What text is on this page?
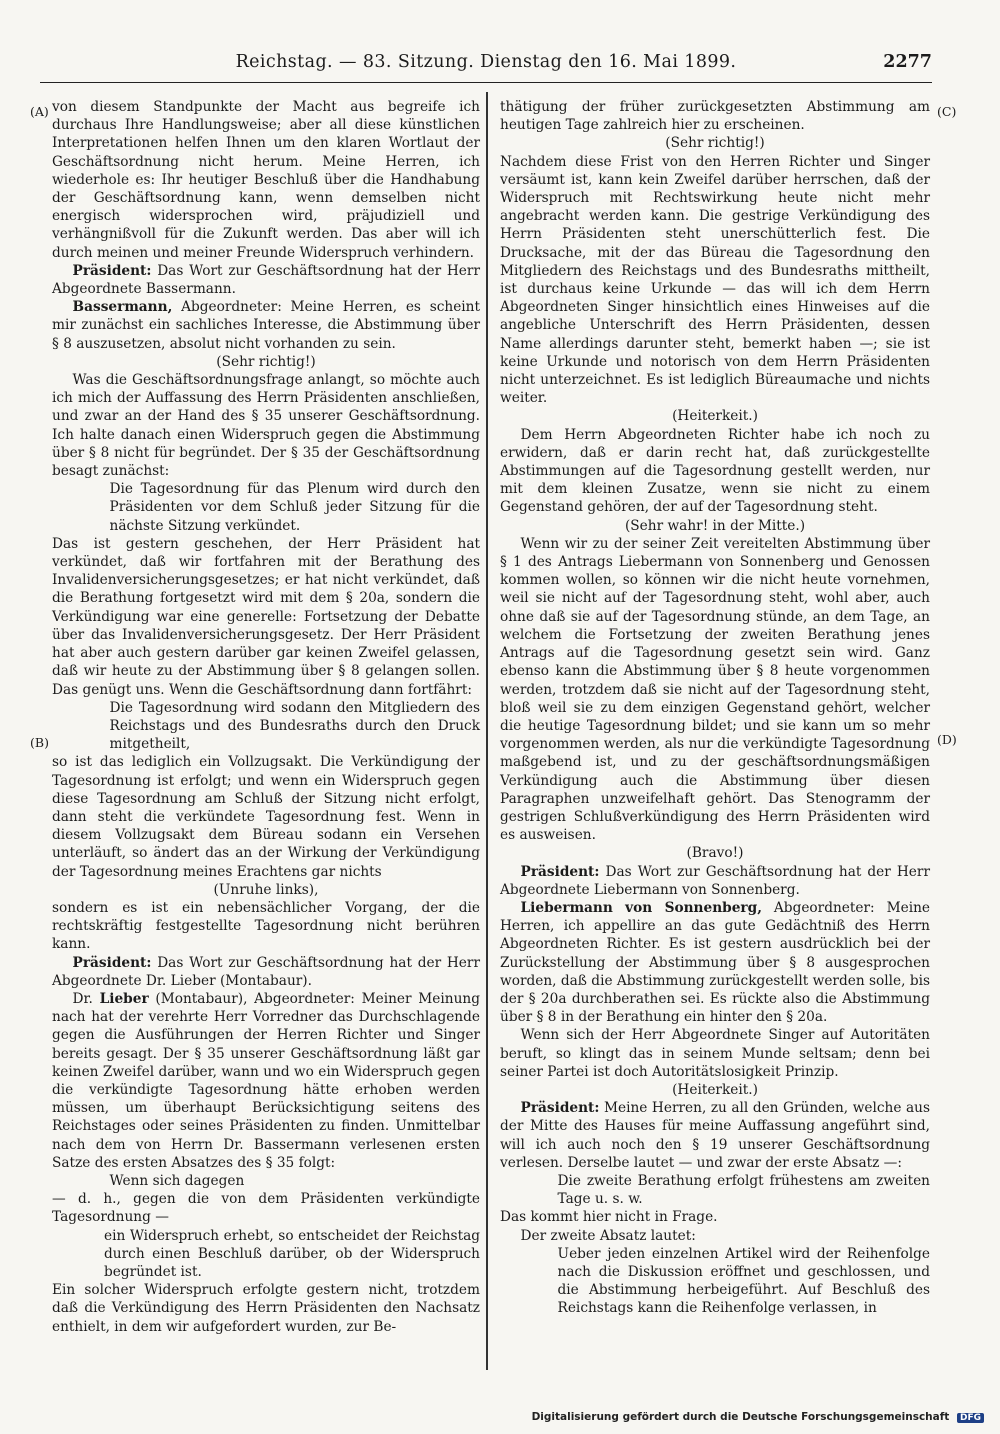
Reichstag. — 83. Sitzung. Dienstag den 16. Mai 1899.	2277
(A)
(B)
(C)
(D)

von diesem Standpunkte der Macht aus begreife ich durchaus Ihre Handlungsweise; aber all diese künstlichen Interpretationen helfen Ihnen um den klaren Wortlaut der Geschäftsordnung nicht herum. Meine Herren, ich wiederhole es: Ihr heutiger Beschluß über die Handhabung der Geschäftsordnung kann, wenn demselben nicht energisch widersprochen wird, präjudiziell und verhängnißvoll für die Zukunft werden. Das aber will ich durch meinen und meiner Freunde Widerspruch verhindern.

Präsident: Das Wort zur Geschäftsordnung hat der Herr Abgeordnete Bassermann.

Bassermann, Abgeordneter: Meine Herren, es scheint mir zunächst ein sachliches Interesse, die Abstimmung über § 8 auszusetzen, absolut nicht vorhanden zu sein.

(Sehr richtig!)

Was die Geschäftsordnungsfrage anlangt, so möchte auch ich mich der Auffassung des Herrn Präsidenten anschließen, und zwar an der Hand des § 35 unserer Geschäftsordnung. Ich halte danach einen Widerspruch gegen die Abstimmung über § 8 nicht für begründet. Der § 35 der Geschäftsordnung besagt zunächst:

Die Tagesordnung für das Plenum wird durch den Präsidenten vor dem Schluß jeder Sitzung für die nächste Sitzung verkündet.

Das ist gestern geschehen, der Herr Präsident hat verkündet, daß wir fortfahren mit der Berathung des Invalidenversicherungsgesetzes; er hat nicht verkündet, daß die Berathung fortgesetzt wird mit dem § 20a, sondern die Verkündigung war eine generelle: Fortsetzung der Debatte über das Invalidenversicherungsgesetz. Der Herr Präsident hat aber auch gestern darüber gar keinen Zweifel gelassen, daß wir heute zu der Abstimmung über § 8 gelangen sollen. Das genügt uns. Wenn die Geschäftsordnung dann fortfährt:

Die Tagesordnung wird sodann den Mitgliedern des Reichstags und des Bundesraths durch den Druck mitgetheilt,

so ist das lediglich ein Vollzugsakt. Die Verkündigung der Tagesordnung ist erfolgt; und wenn ein Widerspruch gegen diese Tagesordnung am Schluß der Sitzung nicht erfolgt, dann steht die verkündete Tagesordnung fest. Wenn in diesem Vollzugsakt dem Büreau sodann ein Versehen unterläuft, so ändert das an der Wirkung der Verkündigung der Tagesordnung meines Erachtens gar nichts

(Unruhe links),

sondern es ist ein nebensächlicher Vorgang, der die rechtskräftig festgestellte Tagesordnung nicht berühren kann.

Präsident: Das Wort zur Geschäftsordnung hat der Herr Abgeordnete Dr. Lieber (Montabaur).

Dr. Lieber (Montabaur), Abgeordneter: Meiner Meinung nach hat der verehrte Herr Vorredner das Durchschlagende gegen die Ausführungen der Herren Richter und Singer bereits gesagt. Der § 35 unserer Geschäftsordnung läßt gar keinen Zweifel darüber, wann und wo ein Widerspruch gegen die verkündigte Tagesordnung hätte erhoben werden müssen, um überhaupt Berücksichtigung seitens des Reichstages oder seines Präsidenten zu finden. Unmittelbar nach dem von Herrn Dr. Bassermann verlesenen ersten Satze des ersten Absatzes des § 35 folgt:

Wenn sich dagegen

— d. h., gegen die von dem Präsidenten verkündigte Tagesordnung —

ein Widerspruch erhebt, so entscheidet der Reichstag durch einen Beschluß darüber, ob der Widerspruch begründet ist.

Ein solcher Widerspruch erfolgte gestern nicht, trotzdem daß die Verkündigung des Herrn Präsidenten den Nachsatz enthielt, in dem wir aufgefordert wurden, zur Be-

thätigung der früher zurückgesetzten Abstimmung am heutigen Tage zahlreich hier zu erscheinen.

(Sehr richtig!)

Nachdem diese Frist von den Herren Richter und Singer versäumt ist, kann kein Zweifel darüber herrschen, daß der Widerspruch mit Rechtswirkung heute nicht mehr angebracht werden kann. Die gestrige Verkündigung des Herrn Präsidenten steht unerschütterlich fest. Die Drucksache, mit der das Büreau die Tagesordnung den Mitgliedern des Reichstags und des Bundesraths mittheilt, ist durchaus keine Urkunde — das will ich dem Herrn Abgeordneten Singer hinsichtlich eines Hinweises auf die angebliche Unterschrift des Herrn Präsidenten, dessen Name allerdings darunter steht, bemerkt haben —; sie ist keine Urkunde und notorisch von dem Herrn Präsidenten nicht unterzeichnet. Es ist lediglich Büreaumache und nichts weiter.

(Heiterkeit.)

Dem Herrn Abgeordneten Richter habe ich noch zu erwidern, daß er darin recht hat, daß zurückgestellte Abstimmungen auf die Tagesordnung gestellt werden, nur mit dem kleinen Zusatze, wenn sie nicht zu einem Gegenstand gehören, der auf der Tagesordnung steht.

(Sehr wahr! in der Mitte.)

Wenn wir zu der seiner Zeit vereitelten Abstimmung über § 1 des Antrags Liebermann von Sonnenberg und Genossen kommen wollen, so können wir die nicht heute vornehmen, weil sie nicht auf der Tagesordnung steht, wohl aber, auch ohne daß sie auf der Tagesordnung stünde, an dem Tage, an welchem die Fortsetzung der zweiten Berathung jenes Antrags auf die Tagesordnung gesetzt sein wird. Ganz ebenso kann die Abstimmung über § 8 heute vorgenommen werden, trotzdem daß sie nicht auf der Tagesordnung steht, bloß weil sie zu dem einzigen Gegenstand gehört, welcher die heutige Tagesordnung bildet; und sie kann um so mehr vorgenommen werden, als nur die verkündigte Tagesordnung maßgebend ist, und zu der geschäftsordnungsmäßigen Verkündigung auch die Abstimmung über diesen Paragraphen unzweifelhaft gehört. Das Stenogramm der gestrigen Schlußverkündigung des Herrn Präsidenten wird es ausweisen.

(Bravo!)

Präsident: Das Wort zur Geschäftsordnung hat der Herr Abgeordnete Liebermann von Sonnenberg.

Liebermann von Sonnenberg, Abgeordneter: Meine Herren, ich appellire an das gute Gedächtniß des Herrn Abgeordneten Richter. Es ist gestern ausdrücklich bei der Zurückstellung der Abstimmung über § 8 ausgesprochen worden, daß die Abstimmung zurückgestellt werden solle, bis der § 20a durchberathen sei. Es rückte also die Abstimmung über § 8 in der Berathung ein hinter den § 20a.

Wenn sich der Herr Abgeordnete Singer auf Autoritäten beruft, so klingt das in seinem Munde seltsam; denn bei seiner Partei ist doch Autoritätslosigkeit Prinzip.

(Heiterkeit.)

Präsident: Meine Herren, zu all den Gründen, welche aus der Mitte des Hauses für meine Auffassung angeführt sind, will ich auch noch den § 19 unserer Geschäftsordnung verlesen. Derselbe lautet — und zwar der erste Absatz —:

Die zweite Berathung erfolgt frühestens am zweiten Tage u. s. w.

Das kommt hier nicht in Frage.

Der zweite Absatz lautet:

Ueber jeden einzelnen Artikel wird der Reihenfolge nach die Diskussion eröffnet und geschlossen, und die Abstimmung herbeigeführt. Auf Beschluß des Reichstags kann die Reihenfolge verlassen, in

Digitalisierung gefördert durch die Deutsche Forschungsgemeinschaft DFG
